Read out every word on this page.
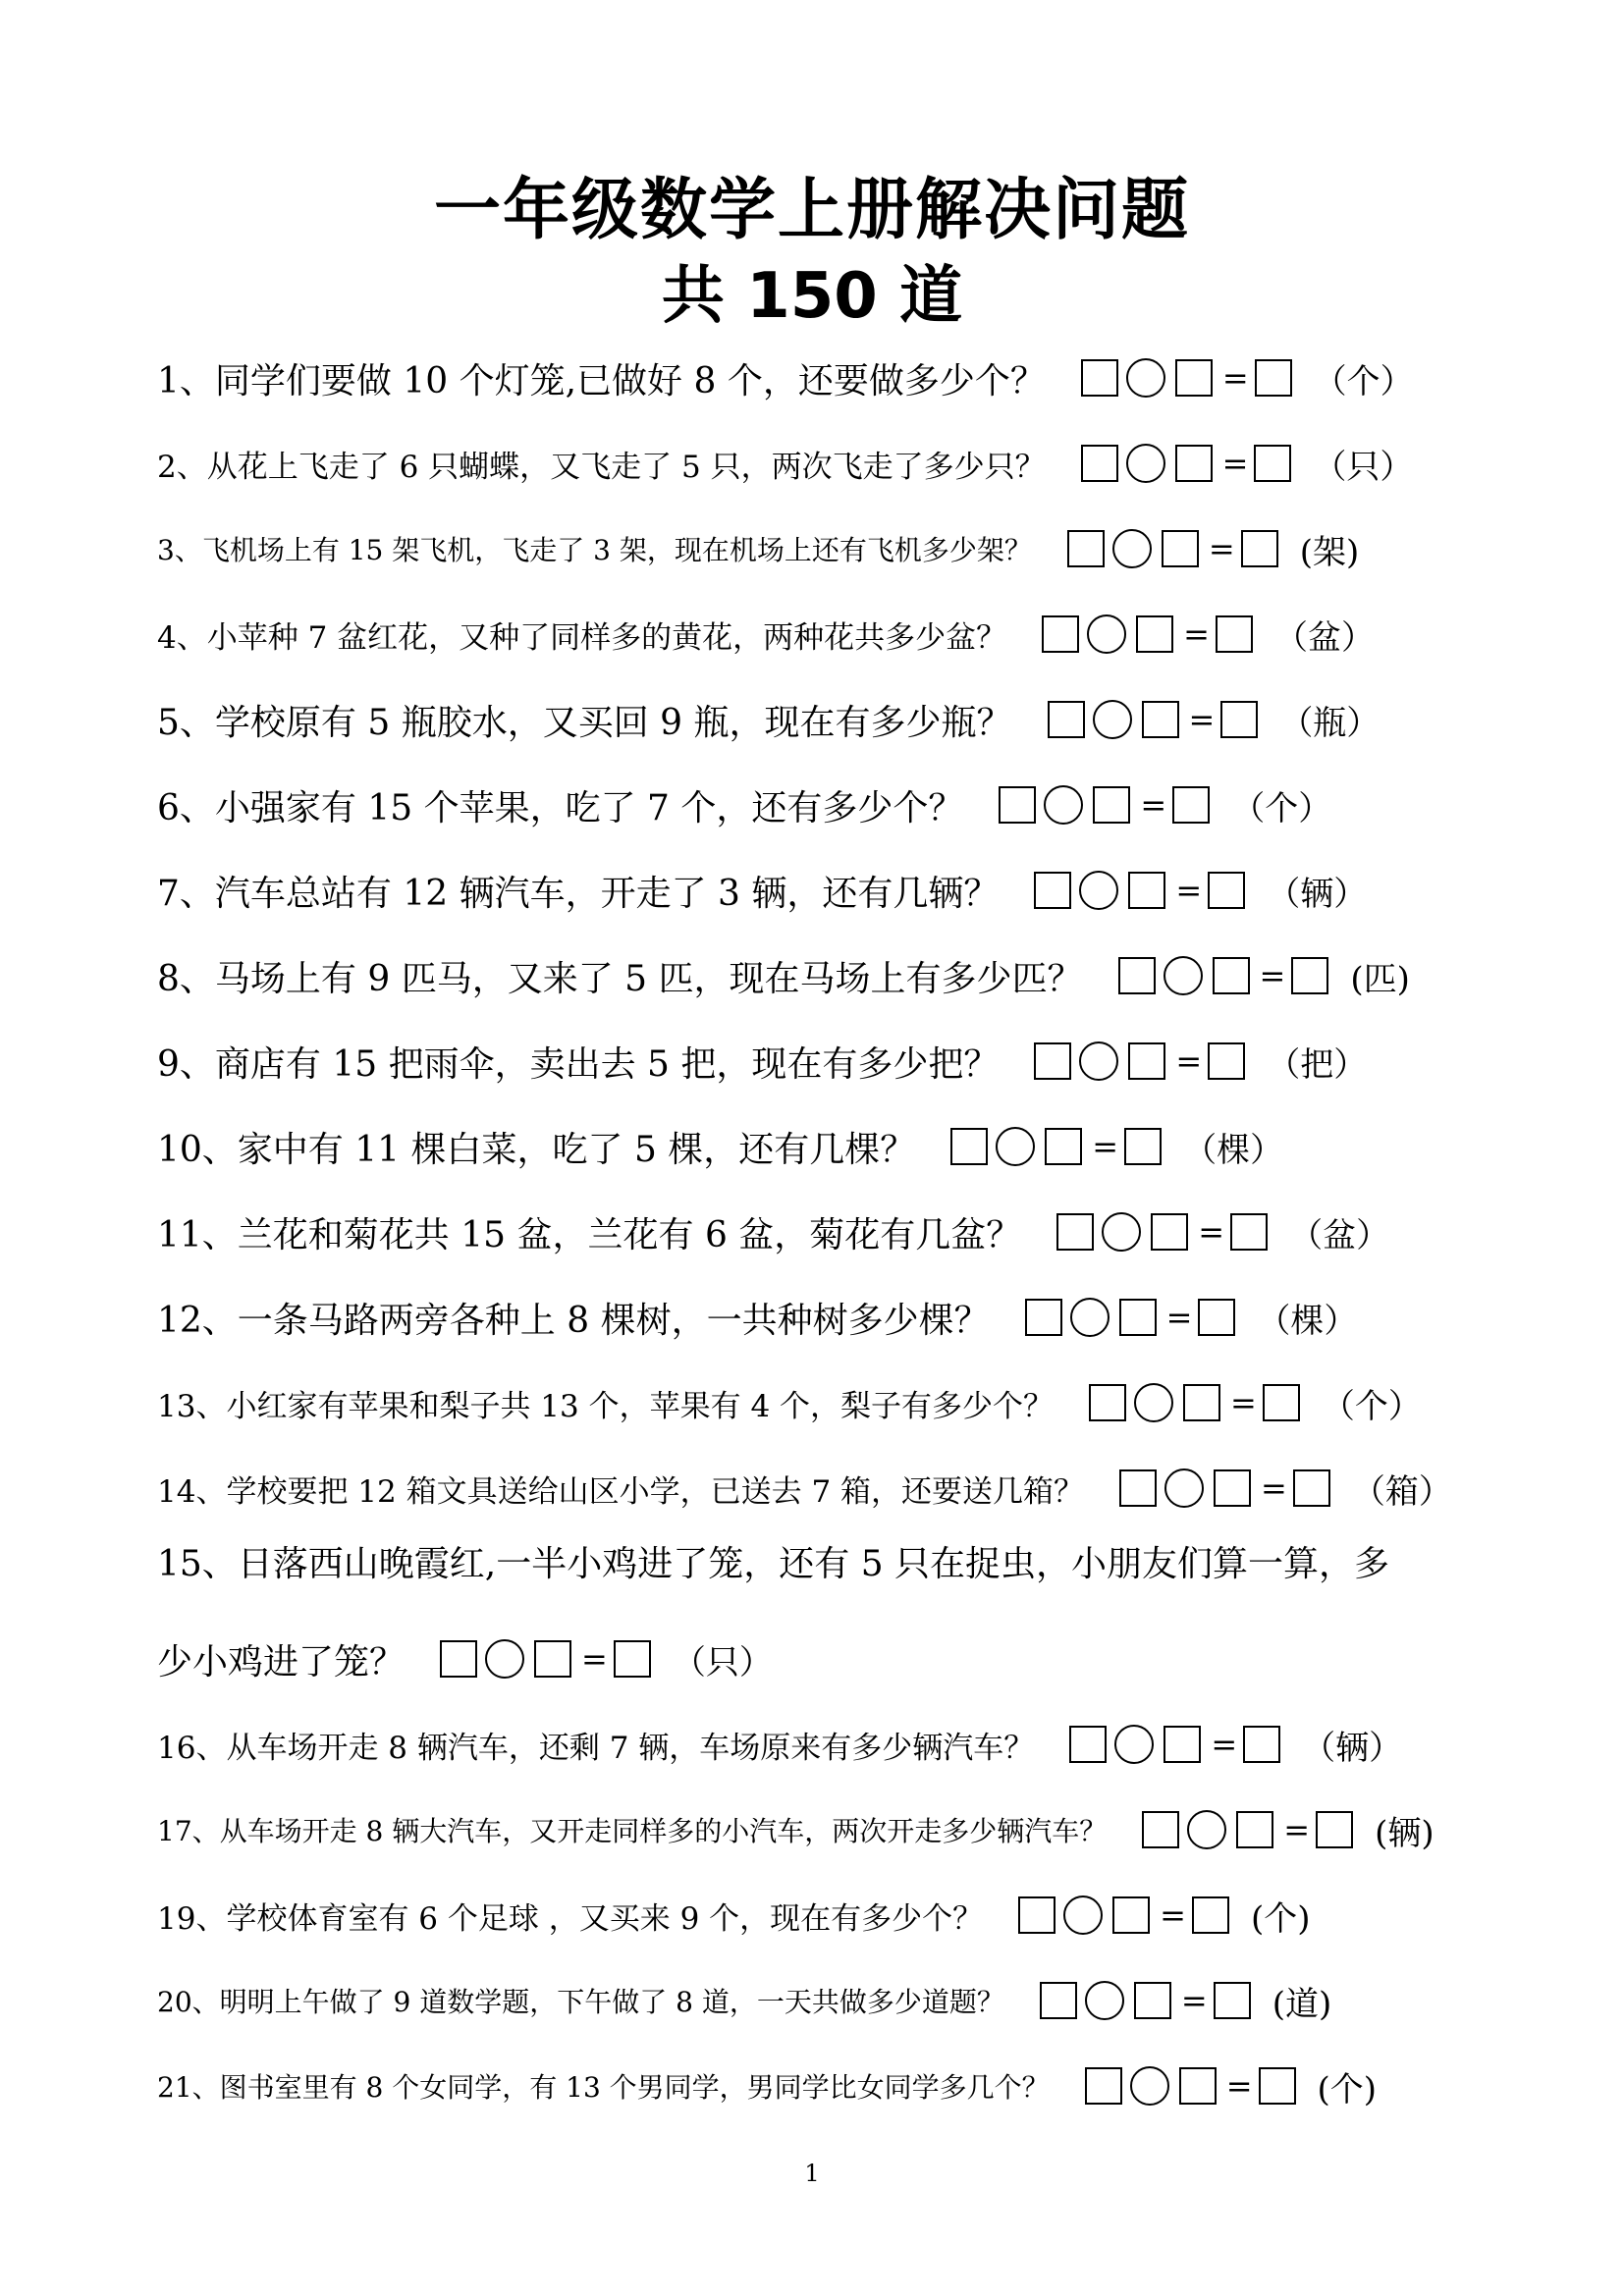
一年级数学上册解决问题
共 150 道
1、同学们要做 10 个灯笼,已做好 8 个，还要做多少个？	= （个）
2、从花上飞走了 6 只蝴蝶，又飞走了 5 只，两次飞走了多少只？	= （只）
3、飞机场上有 15 架飞机，飞走了 3 架，现在机场上还有飞机多少架？	= (架)
4、小苹种 7 盆红花，又种了同样多的黄花，两种花共多少盆？	= （盆）
5、学校原有 5 瓶胶水，又买回 9 瓶，现在有多少瓶？	= （瓶）
6、小强家有 15 个苹果，吃了 7 个，还有多少个？	= （个）
7、汽车总站有 12 辆汽车，开走了 3 辆，还有几辆？	= （辆）
8、马场上有 9 匹马，又来了 5 匹，现在马场上有多少匹？	= (匹)
9、商店有 15 把雨伞，卖出去 5 把，现在有多少把？	= （把）
10、家中有 11 棵白菜，吃了 5 棵，还有几棵？	= （棵）
11、兰花和菊花共 15 盆，兰花有 6 盆，菊花有几盆？	= （盆）
12、一条马路两旁各种上 8 棵树，一共种树多少棵？	= （棵）
13、小红家有苹果和梨子共 13 个，苹果有 4 个，梨子有多少个？	= （个）
14、学校要把 12 箱文具送给山区小学，已送去 7 箱，还要送几箱？	= （箱）
15、日落西山晚霞红,一半小鸡进了笼，还有 5 只在捉虫，小朋友们算一算，多
少小鸡进了笼？	= （只）
16、从车场开走 8 辆汽车，还剩 7 辆，车场原来有多少辆汽车？	= （辆）
17、从车场开走 8 辆大汽车，又开走同样多的小汽车，两次开走多少辆汽车？	= (辆)
19、学校体育室有 6 个足球 ，又买来 9 个，现在有多少个？	= (个)
20、明明上午做了 9 道数学题，下午做了 8 道，一天共做多少道题？	= (道)
21、图书室里有 8 个女同学，有 13 个男同学，男同学比女同学多几个？	= (个)
1
